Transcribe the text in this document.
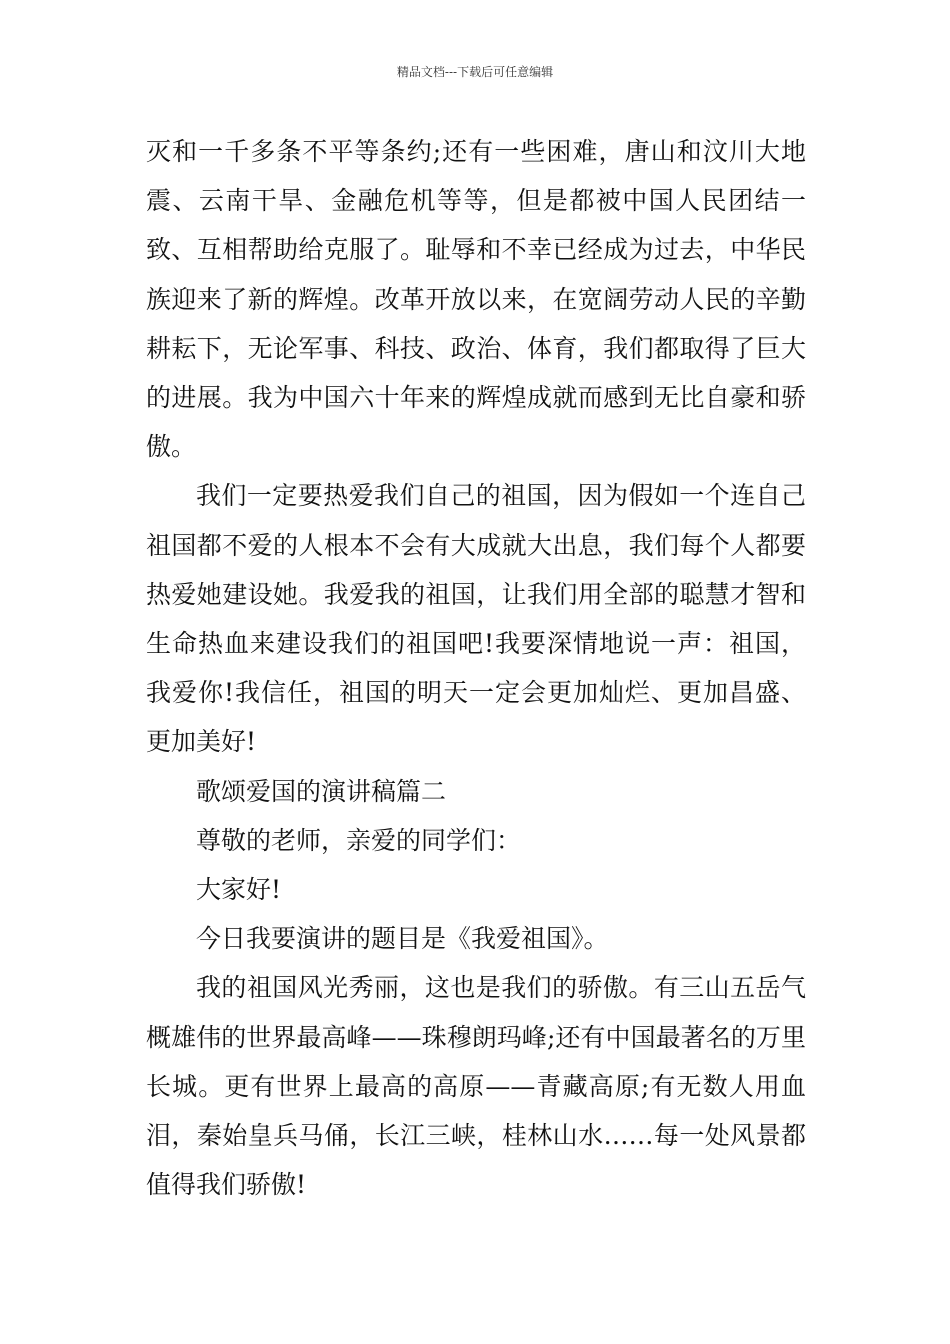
精品文档---下载后可任意编辑

灭和一千多条不平等条约;还有一些困难，唐山和汶川大地震、云南干旱、金融危机等等，但是都被中国人民团结一致、互相帮助给克服了。耻辱和不幸已经成为过去，中华民族迎来了新的辉煌。改革开放以来，在宽阔劳动人民的辛勤耕耘下，无论军事、科技、政治、体育，我们都取得了巨大的进展。我为中国六十年来的辉煌成就而感到无比自豪和骄傲。

我们一定要热爱我们自己的祖国，因为假如一个连自己祖国都不爱的人根本不会有大成就大出息，我们每个人都要热爱她建设她。我爱我的祖国，让我们用全部的聪慧才智和生命热血来建设我们的祖国吧!我要深情地说一声：祖国，我爱你!我信任，祖国的明天一定会更加灿烂、更加昌盛、更加美好!

歌颂爱国的演讲稿篇二

尊敬的老师，亲爱的同学们：

大家好!

今日我要演讲的题目是《我爱祖国》。

我的祖国风光秀丽，这也是我们的骄傲。有三山五岳气概雄伟的世界最高峰——珠穆朗玛峰;还有中国最著名的万里长城。更有世界上最高的高原——青藏高原;有无数人用血泪，秦始皇兵马俑，长江三峡，桂林山水……每一处风景都值得我们骄傲!
